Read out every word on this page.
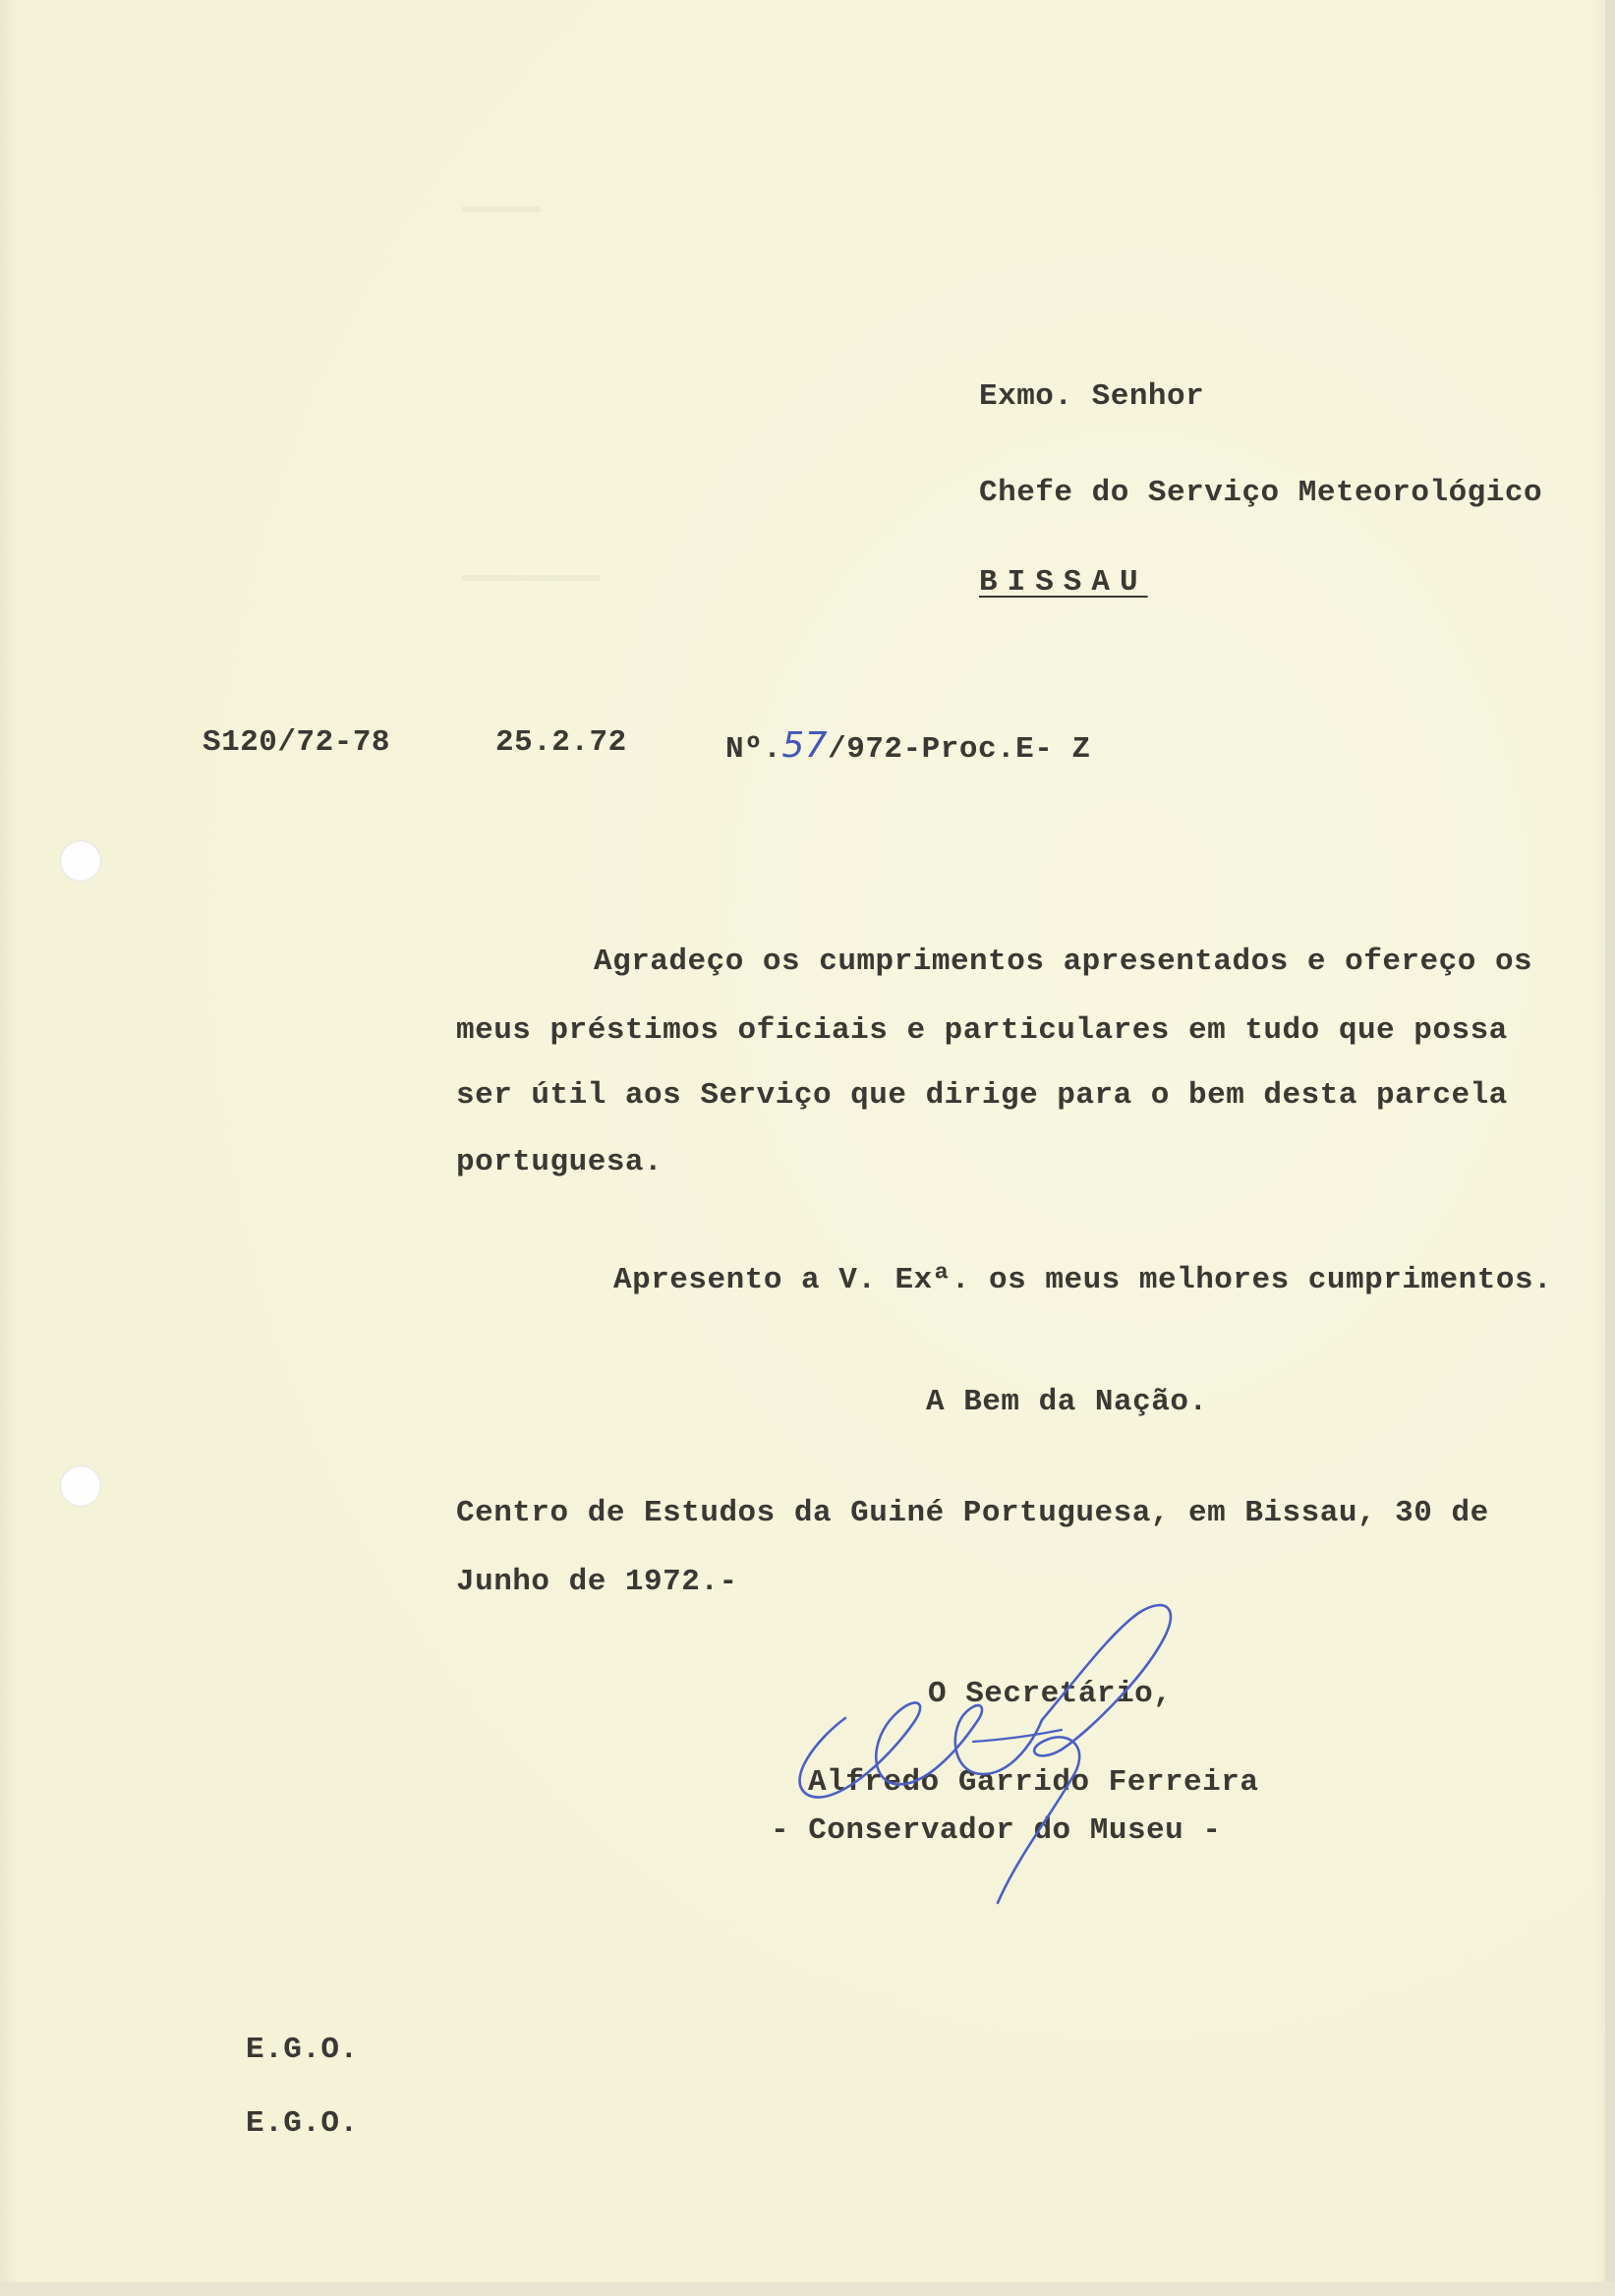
Exmo. Senhor
Chefe do Serviço Meteorológico
BISSAU
S120/72-78	25.2.72	Nº.57/972-Proc.E- Z
Agradeço os cumprimentos apresentados e ofereço os
meus préstimos oficiais e particulares em tudo que possa
ser útil aos Serviço que dirige para o bem desta parcela
portuguesa.
Apresento a V. Exª. os meus melhores cumprimentos.
A Bem da Nação.
Centro de Estudos da Guiné Portuguesa, em Bissau, 30 de
Junho de 1972.-
O Secretário,
Alfredo Garrido Ferreira
- Conservador do Museu -
E.G.O.
E.G.O.
